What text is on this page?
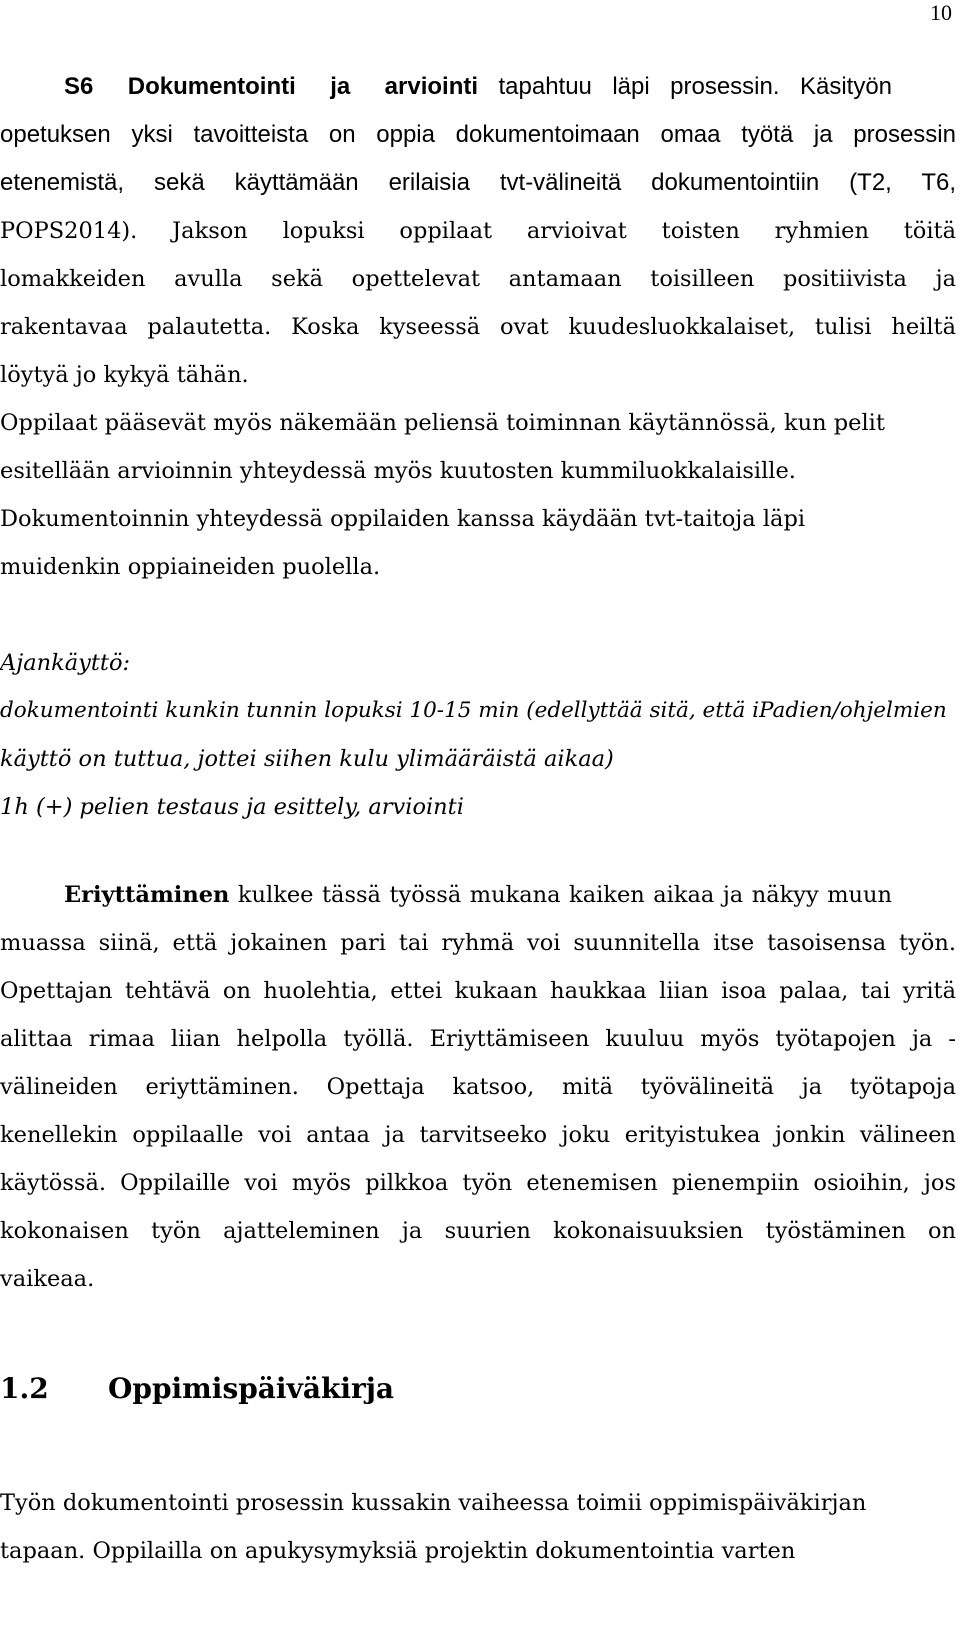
10
S6 Dokumentointi ja arviointi tapahtuu läpi prosessin. Käsityön
opetuksen yksi tavoitteista on oppia dokumentoimaan omaa työtä ja prosessin
etenemistä, sekä käyttämään erilaisia tvt-välineitä dokumentointiin (T2, T6,
POPS2014). Jakson lopuksi oppilaat arvioivat toisten ryhmien töitä
lomakkeiden avulla sekä opettelevat antamaan toisilleen positiivista ja
rakentavaa palautetta. Koska kyseessä ovat kuudesluokkalaiset, tulisi heiltä
löytyä jo kykyä tähän.
Oppilaat pääsevät myös näkemään peliensä toiminnan käytännössä, kun pelit
esitellään arvioinnin yhteydessä myös kuutosten kummiluokkalaisille.
Dokumentoinnin yhteydessä oppilaiden kanssa käydään tvt-taitoja läpi
muidenkin oppiaineiden puolella.
Ajankäyttö:
dokumentointi kunkin tunnin lopuksi 10-15 min (edellyttää sitä, että iPadien/ohjelmien
käyttö on tuttua, jottei siihen kulu ylimääräistä aikaa)
1h (+) pelien testaus ja esittely, arviointi
Eriyttäminen kulkee tässä työssä mukana kaiken aikaa ja näkyy muun
muassa siinä, että jokainen pari tai ryhmä voi suunnitella itse tasoisensa työn.
Opettajan tehtävä on huolehtia, ettei kukaan haukkaa liian isoa palaa, tai yritä
alittaa rimaa liian helpolla työllä. Eriyttämiseen kuuluu myös työtapojen ja -
välineiden eriyttäminen. Opettaja katsoo, mitä työvälineitä ja työtapoja
kenellekin oppilaalle voi antaa ja tarvitseeko joku erityistukea jonkin välineen
käytössä. Oppilaille voi myös pilkkoa työn etenemisen pienempiin osioihin, jos
kokonaisen työn ajatteleminen ja suurien kokonaisuuksien työstäminen on
vaikeaa.
1.2 Oppimispäiväkirja
Työn dokumentointi prosessin kussakin vaiheessa toimii oppimispäiväkirjan
tapaan. Oppilailla on apukysymyksiä projektin dokumentointia varten
